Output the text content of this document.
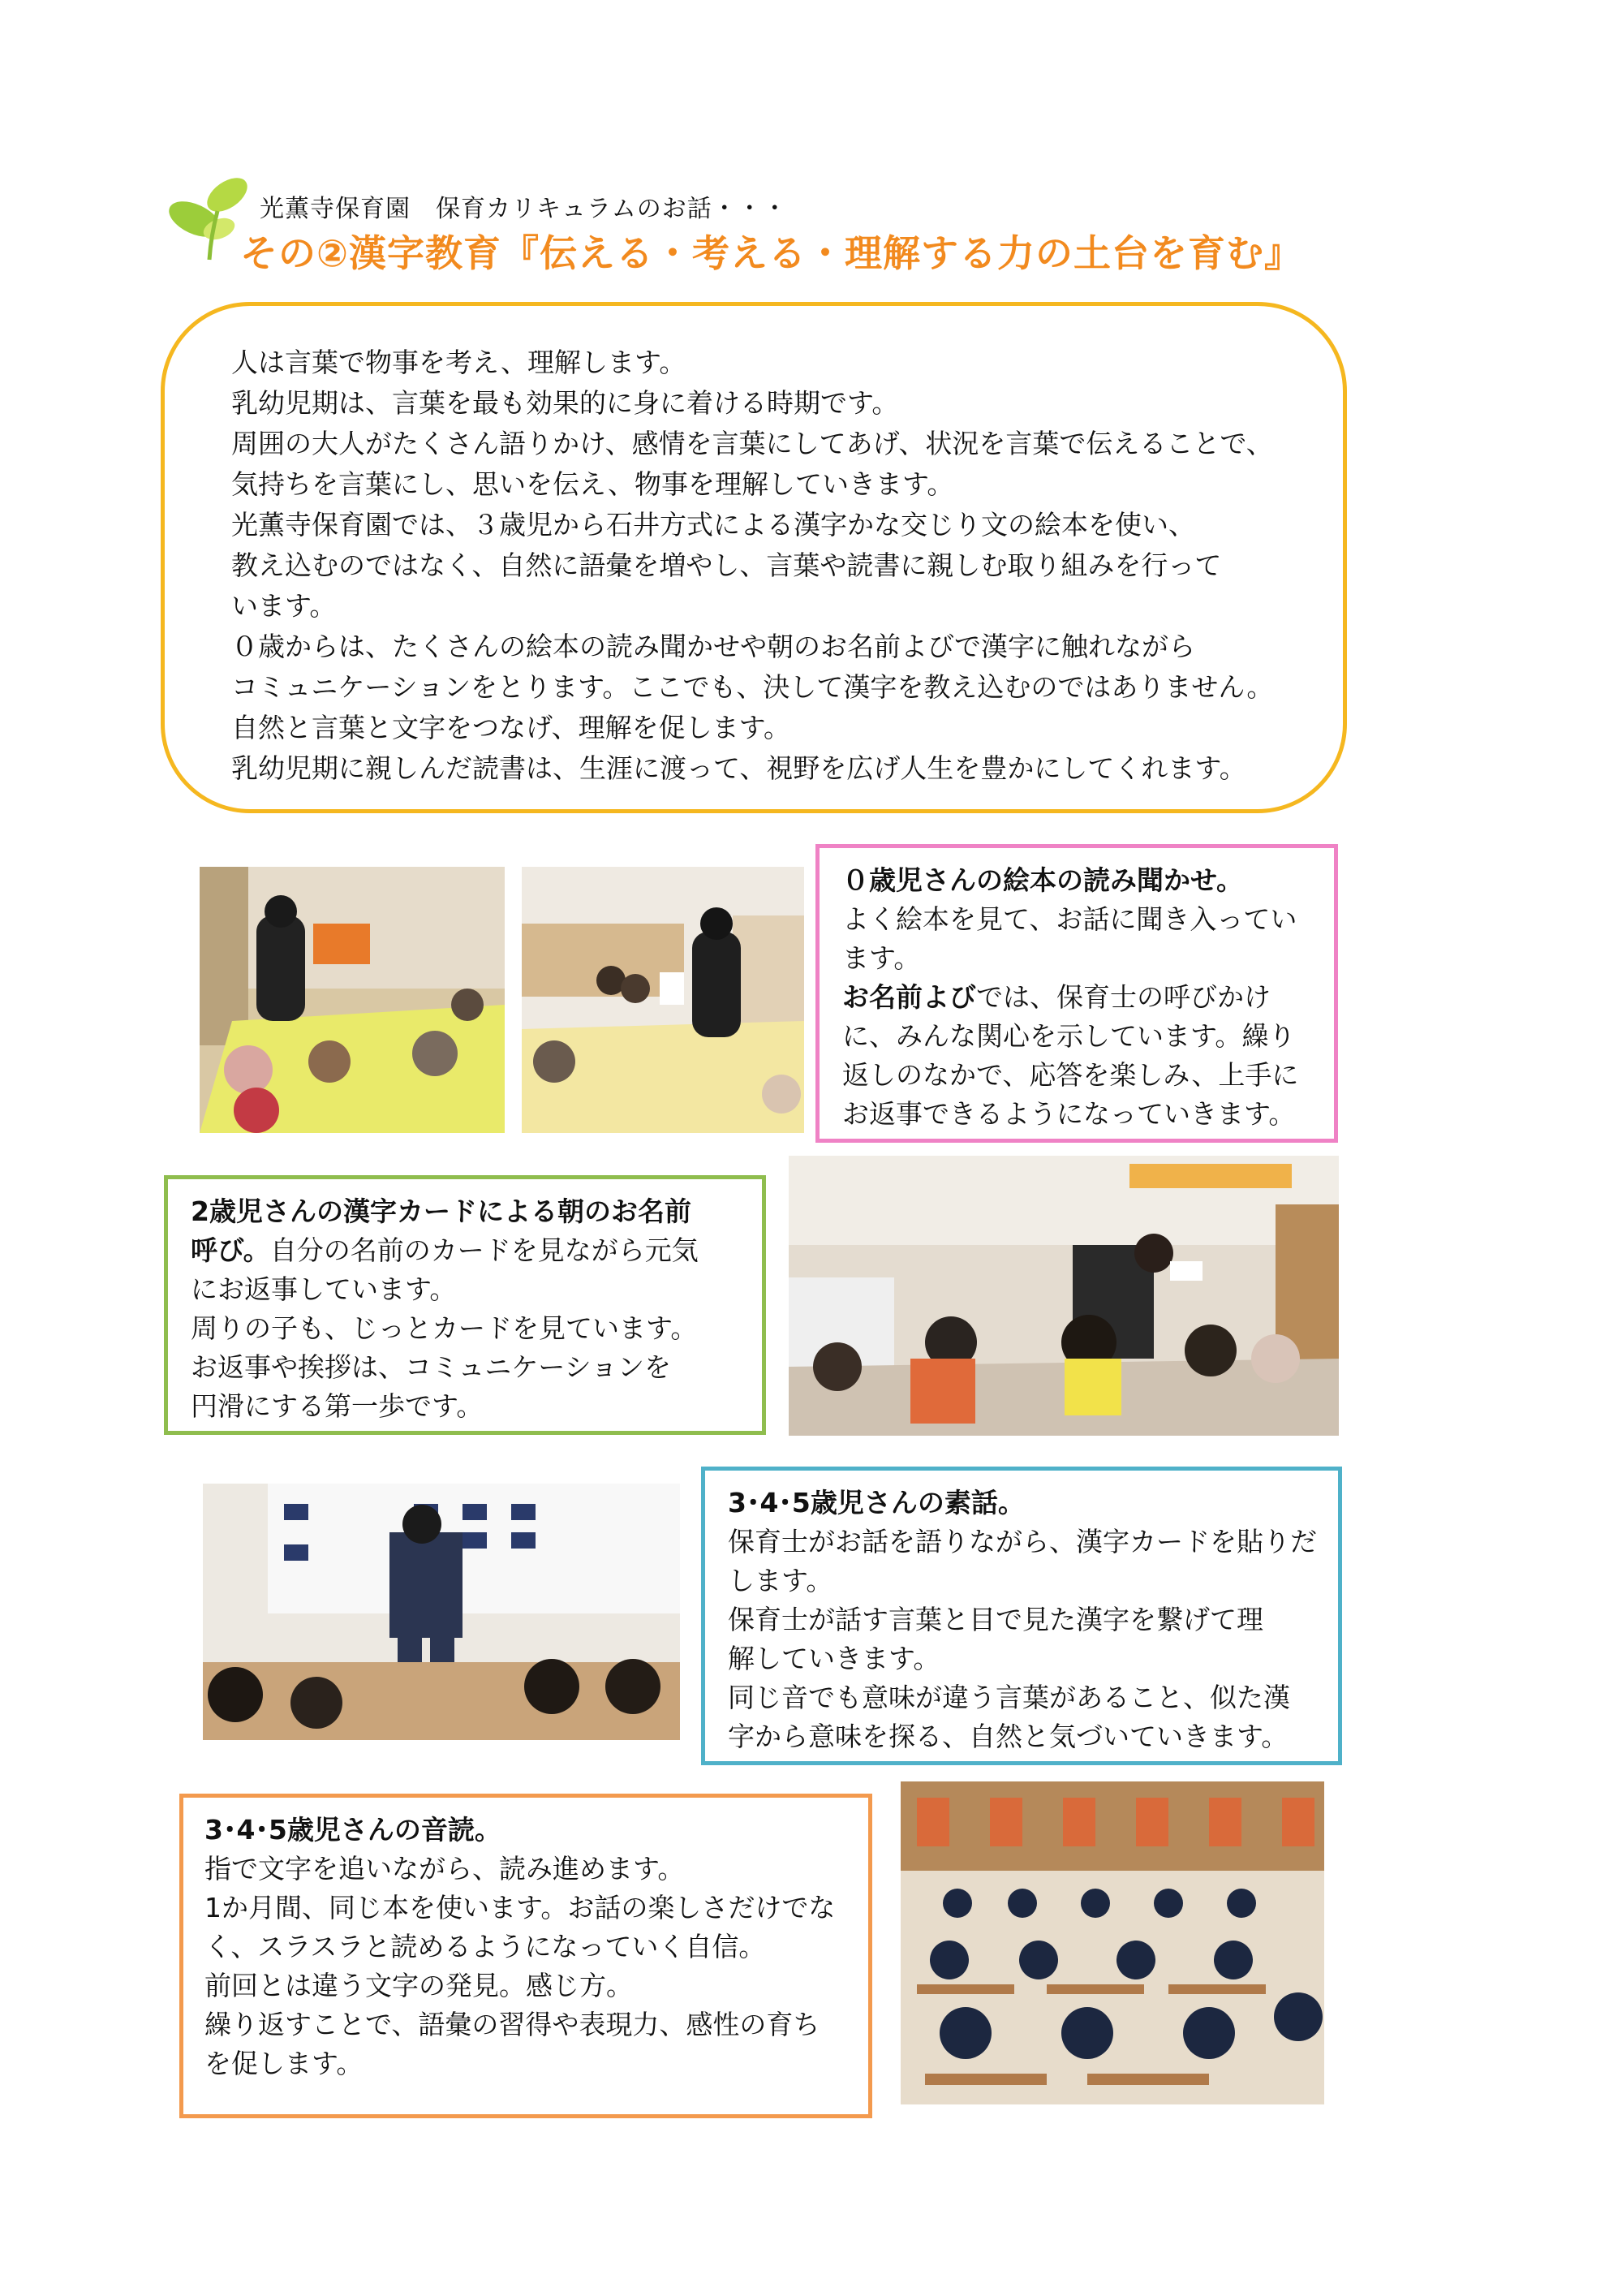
光薫寺保育園　保育カリキュラムのお話・・・
その②漢字教育『伝える・考える・理解する力の土台を育む』
人は言葉で物事を考え、理解します。
乳幼児期は、言葉を最も効果的に身に着ける時期です。
周囲の大人がたくさん語りかけ、感情を言葉にしてあげ、状況を言葉で伝えることで、
気持ちを言葉にし、思いを伝え、物事を理解していきます。
光薫寺保育園では、３歳児から石井方式による漢字かな交じり文の絵本を使い、
教え込むのではなく、自然に語彙を増やし、言葉や読書に親しむ取り組みを行って
います。
０歳からは、たくさんの絵本の読み聞かせや朝のお名前よびで漢字に触れながら
コミュニケーションをとります。ここでも、決して漢字を教え込むのではありません。
自然と言葉と文字をつなげ、理解を促します。
乳幼児期に親しんだ読書は、生涯に渡って、視野を広げ人生を豊かにしてくれます。
０歳児さんの絵本の読み聞かせ。
よく絵本を見て、お話に聞き入ってい
ます。
お名前よびでは、保育士の呼びかけ
に、みんな関心を示しています。繰り
返しのなかで、応答を楽しみ、上手に
お返事できるようになっていきます。
2歳児さんの漢字カードによる朝のお名前
呼び。自分の名前のカードを見ながら元気
にお返事しています。
周りの子も、じっとカードを見ています。
お返事や挨拶は、コミュニケーションを
円滑にする第一歩です。
3･4･5歳児さんの素話。
保育士がお話を語りながら、漢字カードを貼りだ
します。
保育士が話す言葉と目で見た漢字を繋げて理
解していきます。
同じ音でも意味が違う言葉があること、似た漢
字から意味を探る、自然と気づいていきます。
3･4･5歳児さんの音読。
指で文字を追いながら、読み進めます。
1か月間、同じ本を使います。お話の楽しさだけでな
く、スラスラと読めるようになっていく自信。
前回とは違う文字の発見。感じ方。
繰り返すことで、語彙の習得や表現力、感性の育ち
を促します。
